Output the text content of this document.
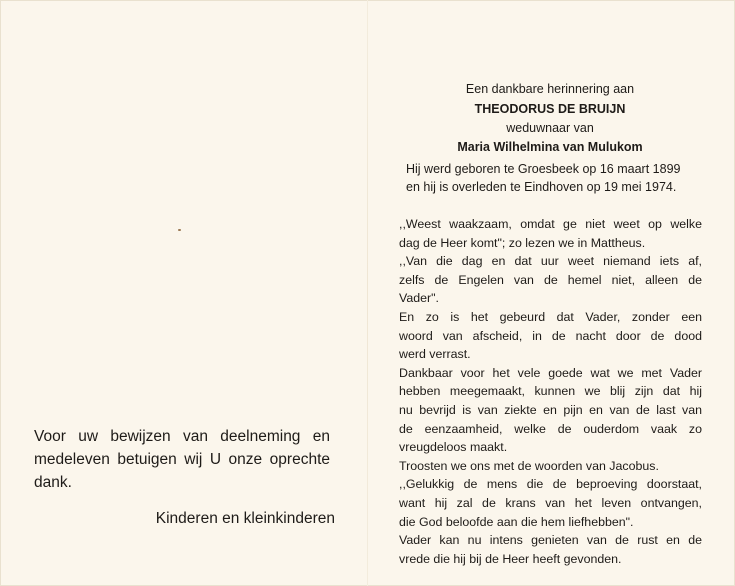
Een dankbare herinnering aan
THEODORUS DE BRUIJN
weduwnaar van
Maria Wilhelmina van Mulukom
Hij werd geboren te Groesbeek op 16 maart 1899
en hij is overleden te Eindhoven op 19 mei 1974.
,,Weest waakzaam, omdat ge niet weet op welke
dag de Heer komt"; zo lezen we in Mattheus.
,,Van die dag en dat uur weet niemand iets af,
zelfs de Engelen van de hemel niet, alleen de
Vader".
En zo is het gebeurd dat Vader, zonder een
woord van afscheid, in de nacht door de dood
werd verrast.
Dankbaar voor het vele goede wat we met Vader
hebben meegemaakt, kunnen we blij zijn dat hij
nu bevrijd is van ziekte en pijn en van de last van
de eenzaamheid, welke de ouderdom vaak zo
vreugdeloos maakt.
Troosten we ons met de woorden van Jacobus.
,,Gelukkig de mens die de beproeving doorstaat,
want hij zal de krans van het leven ontvangen,
die God beloofde aan die hem liefhebben".
Vader kan nu intens genieten van de rust en de
vrede die hij bij de Heer heeft gevonden.
Voor uw bewijzen van deelneming en medeleven betuigen wij U onze oprechte dank.
Kinderen en kleinkinderen
